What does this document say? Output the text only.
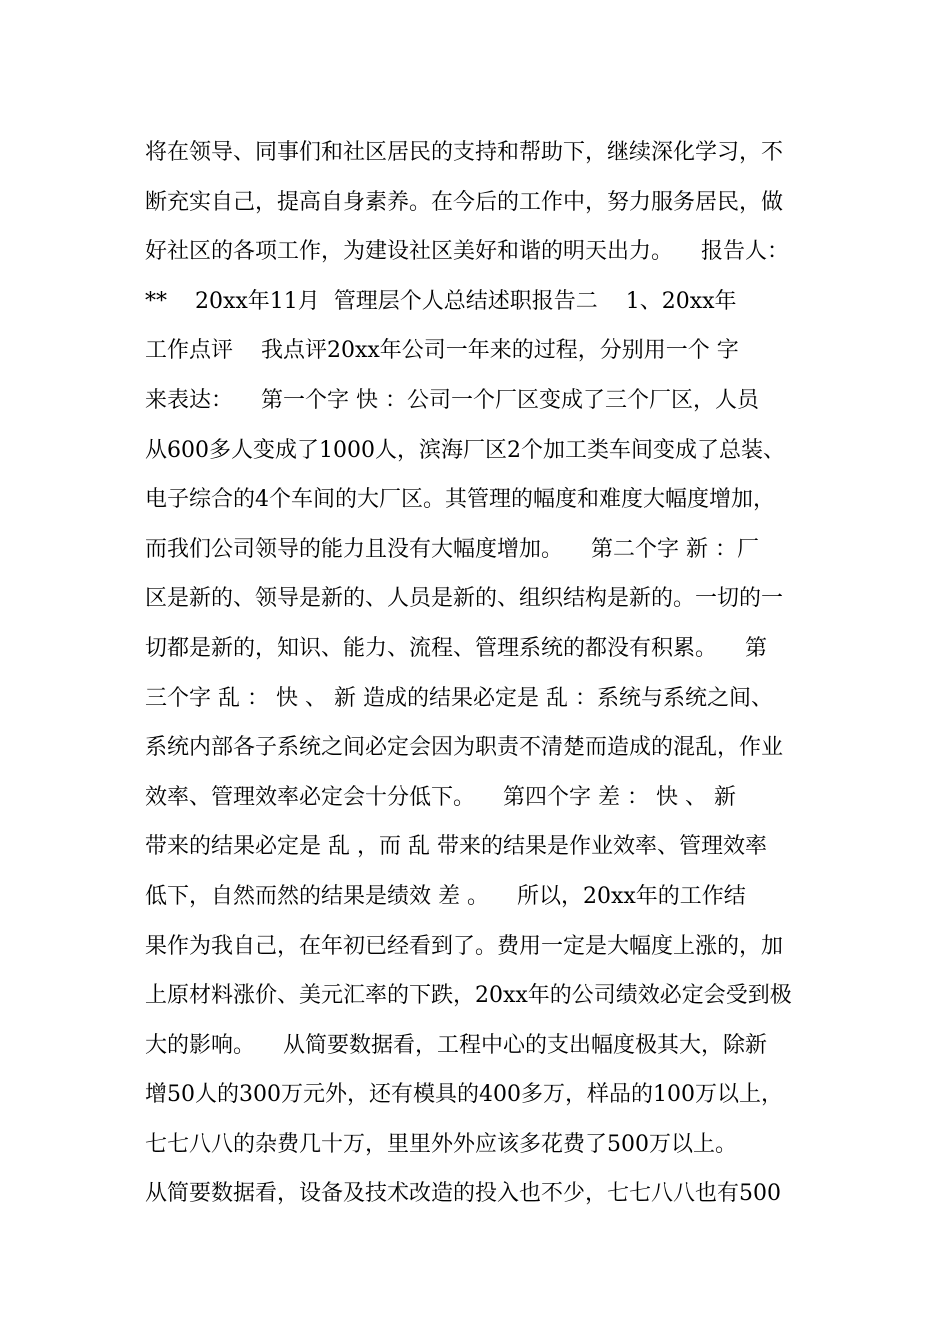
将在领导、同事们和社区居民的支持和帮助下，继续深化学习，不
断充实自己，提高自身素养。在今后的工作中，努力服务居民，做
好社区的各项工作，为建设社区美好和谐的明天出力。    报告人：
**    20xx年11月  管理层个人总结述职报告二    1、20xx年
工作点评    我点评20xx年公司一年来的过程，分别用一个 字
来表达：    第一个字 快 ：公司一个厂区变成了三个厂区，人员
从600多人变成了1000人，滨海厂区2个加工类车间变成了总装、
电子综合的4个车间的大厂区。其管理的幅度和难度大幅度增加，
而我们公司领导的能力且没有大幅度增加。    第二个字 新 ：厂
区是新的、领导是新的、人员是新的、组织结构是新的。一切的一
切都是新的，知识、能力、流程、管理系统的都没有积累。    第
三个字 乱 ： 快 、 新 造成的结果必定是 乱 ：系统与系统之间、
系统内部各子系统之间必定会因为职责不清楚而造成的混乱，作业
效率、管理效率必定会十分低下。    第四个字 差 ： 快 、 新
带来的结果必定是 乱 ，而 乱 带来的结果是作业效率、管理效率
低下，自然而然的结果是绩效 差 。    所以，20xx年的工作结
果作为我自己，在年初已经看到了。费用一定是大幅度上涨的，加
上原材料涨价、美元汇率的下跌，20xx年的公司绩效必定会受到极
大的影响。    从简要数据看，工程中心的支出幅度极其大，除新
增50人的300万元外，还有模具的400多万，样品的100万以上，
七七八八的杂费几十万，里里外外应该多花费了500万以上。
从简要数据看，设备及技术改造的投入也不少，七七八八也有500
